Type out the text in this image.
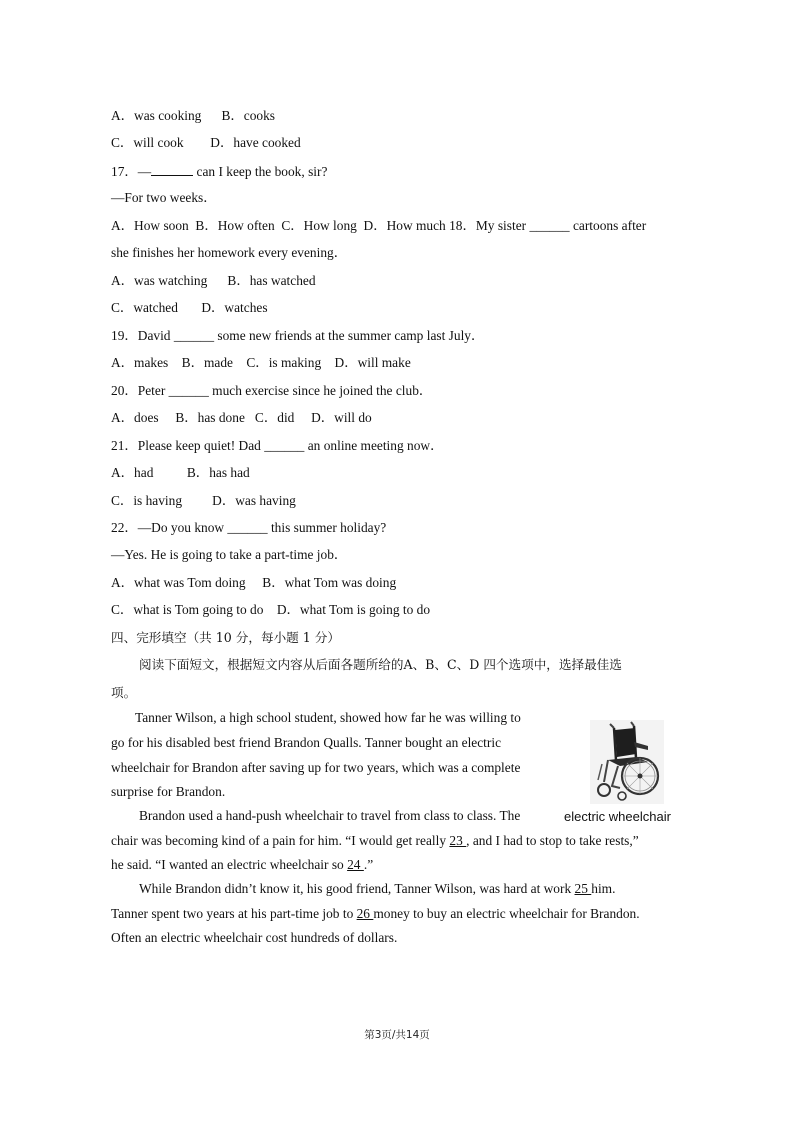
A．was cooking      B．cooks
C．will cook        D．have cooked
17．—	can I keep the book, sir?
—For two weeks．
A．How soon  B．How often  C．How long  D．How much 18．My sister ______ cartoons after
she finishes her homework every evening．
A．was watching      B．has watched
C．watched       D．watches
19．David ______ some new friends at the summer camp last July．
A．makes    B．made    C．is making    D．will make
20．Peter ______ much exercise since he joined the club．
A．does     B．has done   C．did     D．will do
21．Please keep quiet! Dad ______ an online meeting now．
A．had          B．has had
C．is having         D．was having
22．—Do you know ______ this summer holiday?
—Yes. He is going to take a part-time job．
A．what was Tom doing     B．what Tom was doing
C．what is Tom going to do    D．what Tom is going to do
四、完形填空（共 10 分，每小题 1 分）
阅读下面短文，根据短文内容从后面各题所给的A、B、C、D 四个选项中，选择最佳选
项。
Tanner Wilson, a high school student, showed how far he was willing to
go for his disabled best friend Brandon Qualls. Tanner bought an electric
wheelchair for Brandon after saving up for two years, which was a complete
surprise for Brandon.
Brandon used a hand-push wheelchair to travel from class to class. The
chair was becoming kind of a pain for him. “I would get really 23 , and I had to stop to take rests,”
he said. “I wanted an electric wheelchair so 24 .”
While Brandon didn’t know it, his good friend, Tanner Wilson, was hard at work 25 him.
Tanner spent two years at his part-time job to 26 money to buy an electric wheelchair for Brandon.
Often an electric wheelchair cost hundreds of dollars.
electric wheelchair
第3页/共14页
